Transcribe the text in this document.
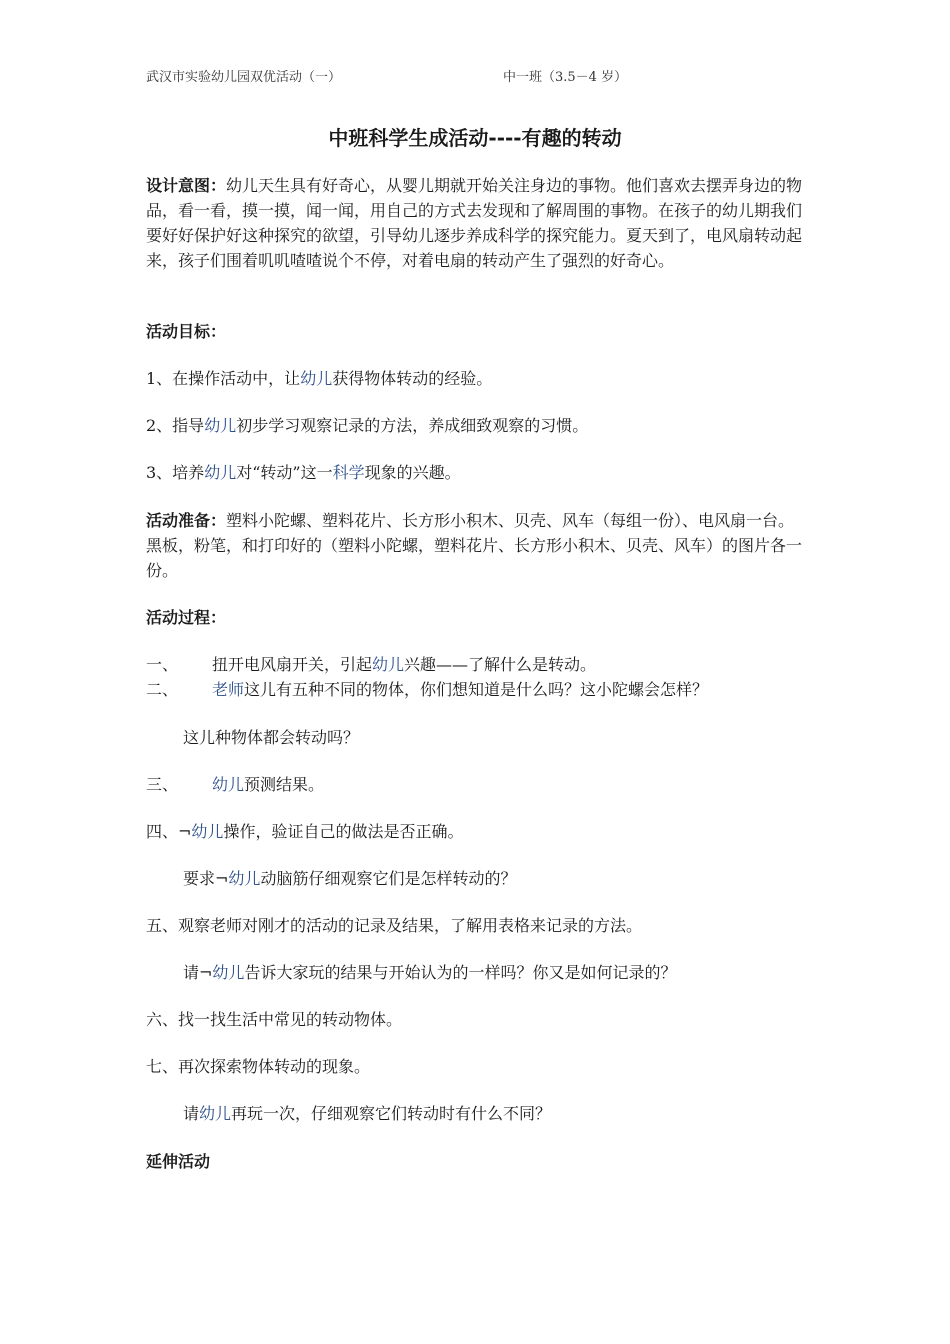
武汉市实验幼儿园双优活动（一）	中一班（3.5－4 岁）
中班科学生成活动----有趣的转动

设计意图：幼儿天生具有好奇心，从婴儿期就开始关注身边的事物。他们喜欢去摆弄身边的物品，看一看，摸一摸，闻一闻，用自己的方式去发现和了解周围的事物。在孩子的幼儿期我们要好好保护好这种探究的欲望，引导幼儿逐步养成科学的探究能力。夏天到了，电风扇转动起来，孩子们围着叽叽喳喳说个不停，对着电扇的转动产生了强烈的好奇心。

活动目标：

1、在操作活动中，让幼儿获得物体转动的经验。

2、指导幼儿初步学习观察记录的方法，养成细致观察的习惯。

3、培养幼儿对“转动”这一科学现象的兴趣。

活动准备：塑料小陀螺、塑料花片、长方形小积木、贝壳、风车（每组一份）、电风扇一台。黑板，粉笔，和打印好的（塑料小陀螺，塑料花片、长方形小积木、贝壳、风车）的图片各一份。

活动过程：

一、 扭开电风扇开关，引起幼儿兴趣——了解什么是转动。

二、 老师这儿有五种不同的物体，你们想知道是什么吗？这小陀螺会怎样？

这儿种物体都会转动吗？

三、 幼儿预测结果。

四、¬幼儿操作，验证自己的做法是否正确。

要求¬幼儿动脑筋仔细观察它们是怎样转动的？

五、观察老师对刚才的活动的记录及结果，了解用表格来记录的方法。

请¬幼儿告诉大家玩的结果与开始认为的一样吗？你又是如何记录的？

六、找一找生活中常见的转动物体。

七、再次探索物体转动的现象。

请幼儿再玩一次，仔细观察它们转动时有什么不同？

延伸活动
